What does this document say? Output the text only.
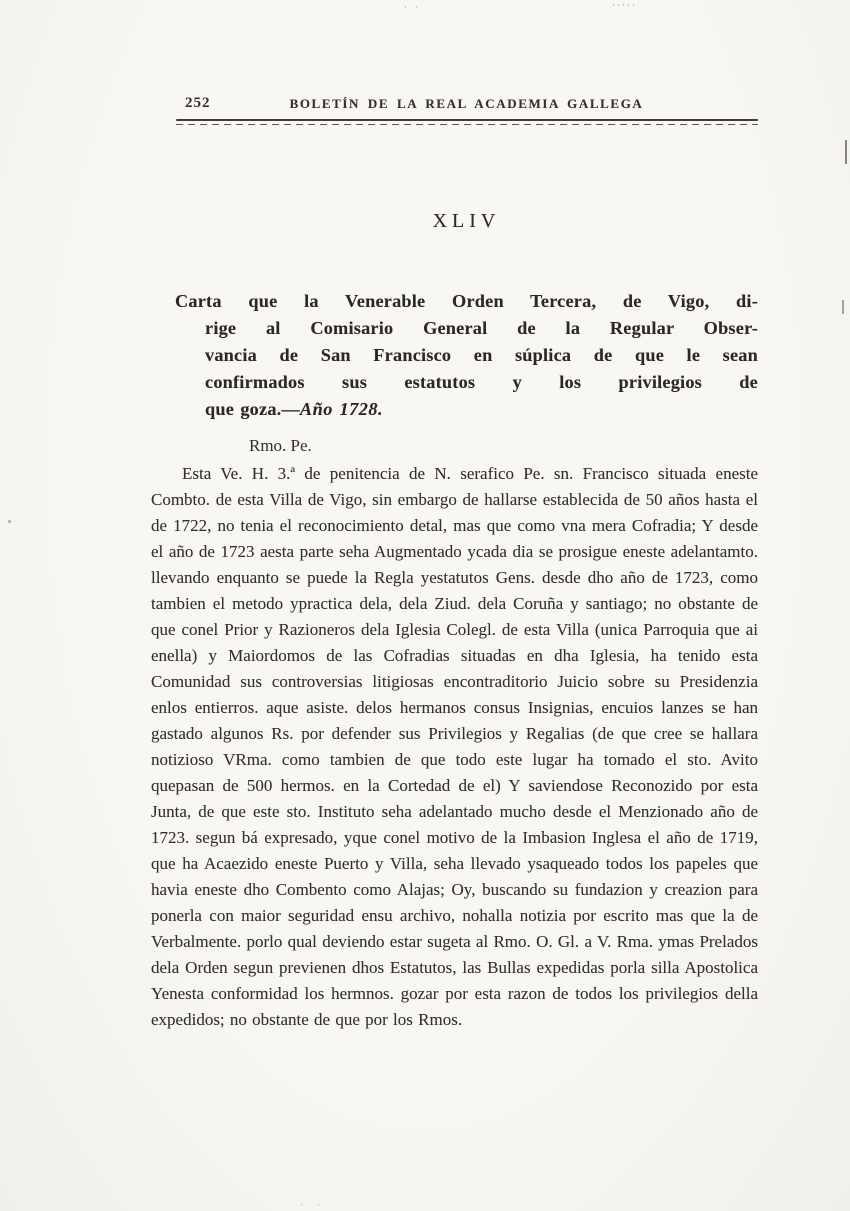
252	BOLETÍN DE LA REAL ACADEMIA GALLEGA
XLIV
Carta que la Venerable Orden Tercera, de Vigo, di-
rige al Comisario General de la Regular Obser-
vancia de San Francisco en súplica de que le sean
confirmados sus estatutos y los privilegios de
que goza.—Año 1728.
Rmo. Pe.

Esta Ve. H. 3.ª de penitencia de N. serafico Pe. sn. Francisco situada eneste Combto. de esta Villa de Vigo, sin embargo de hallarse establecida de 50 años hasta el de 1722, no tenia el reconocimiento detal, mas que como vna mera Cofradia; Y desde el año de 1723 aesta parte seha Augmentado ycada dia se prosigue eneste adelantamto. llevando enquanto se puede la Regla yestatutos Gens. desde dho año de 1723, como tambien el metodo ypractica dela, dela Ziud. dela Coruña y santiago; no obstante de que conel Prior y Razioneros dela Iglesia Colegl. de esta Villa (unica Parroquia que ai enella) y Maiordomos de las Cofradias situadas en dha Iglesia, ha tenido esta Comunidad sus controversias litigiosas encontraditorio Juicio sobre su Presidenzia enlos entierros. aque asiste. delos hermanos consus Insignias, encuios lanzes se han gastado algunos Rs. por defender sus Privilegios y Regalias (de que cree se hallara notizioso VRma. como tambien de que todo este lugar ha tomado el sto. Avito quepasan de 500 hermos. en la Cortedad de el) Y saviendose Reconozido por esta Junta, de que este sto. Instituto seha adelantado mucho desde el Menzionado año de 1723. segun bá expresado, yque conel motivo de la Imbasion Inglesa el año de 1719, que ha Acaezido eneste Puerto y Villa, seha llevado ysaqueado todos los papeles que havia eneste dho Combento como Alajas; Oy, buscando su fundazion y creazion para ponerla con maior seguridad ensu archivo, nohalla notizia por escrito mas que la de Verbalmente. porlo qual deviendo estar sugeta al Rmo. O. Gl. a V. Rma. ymas Prelados dela Orden segun previenen dhos Estatutos, las Bullas expedidas porla silla Apostolica Yenesta conformidad los hermnos. gozar por esta razon de todos los privilegios della expedidos; no obstante de que por los Rmos.

· ·	·····
· ·
